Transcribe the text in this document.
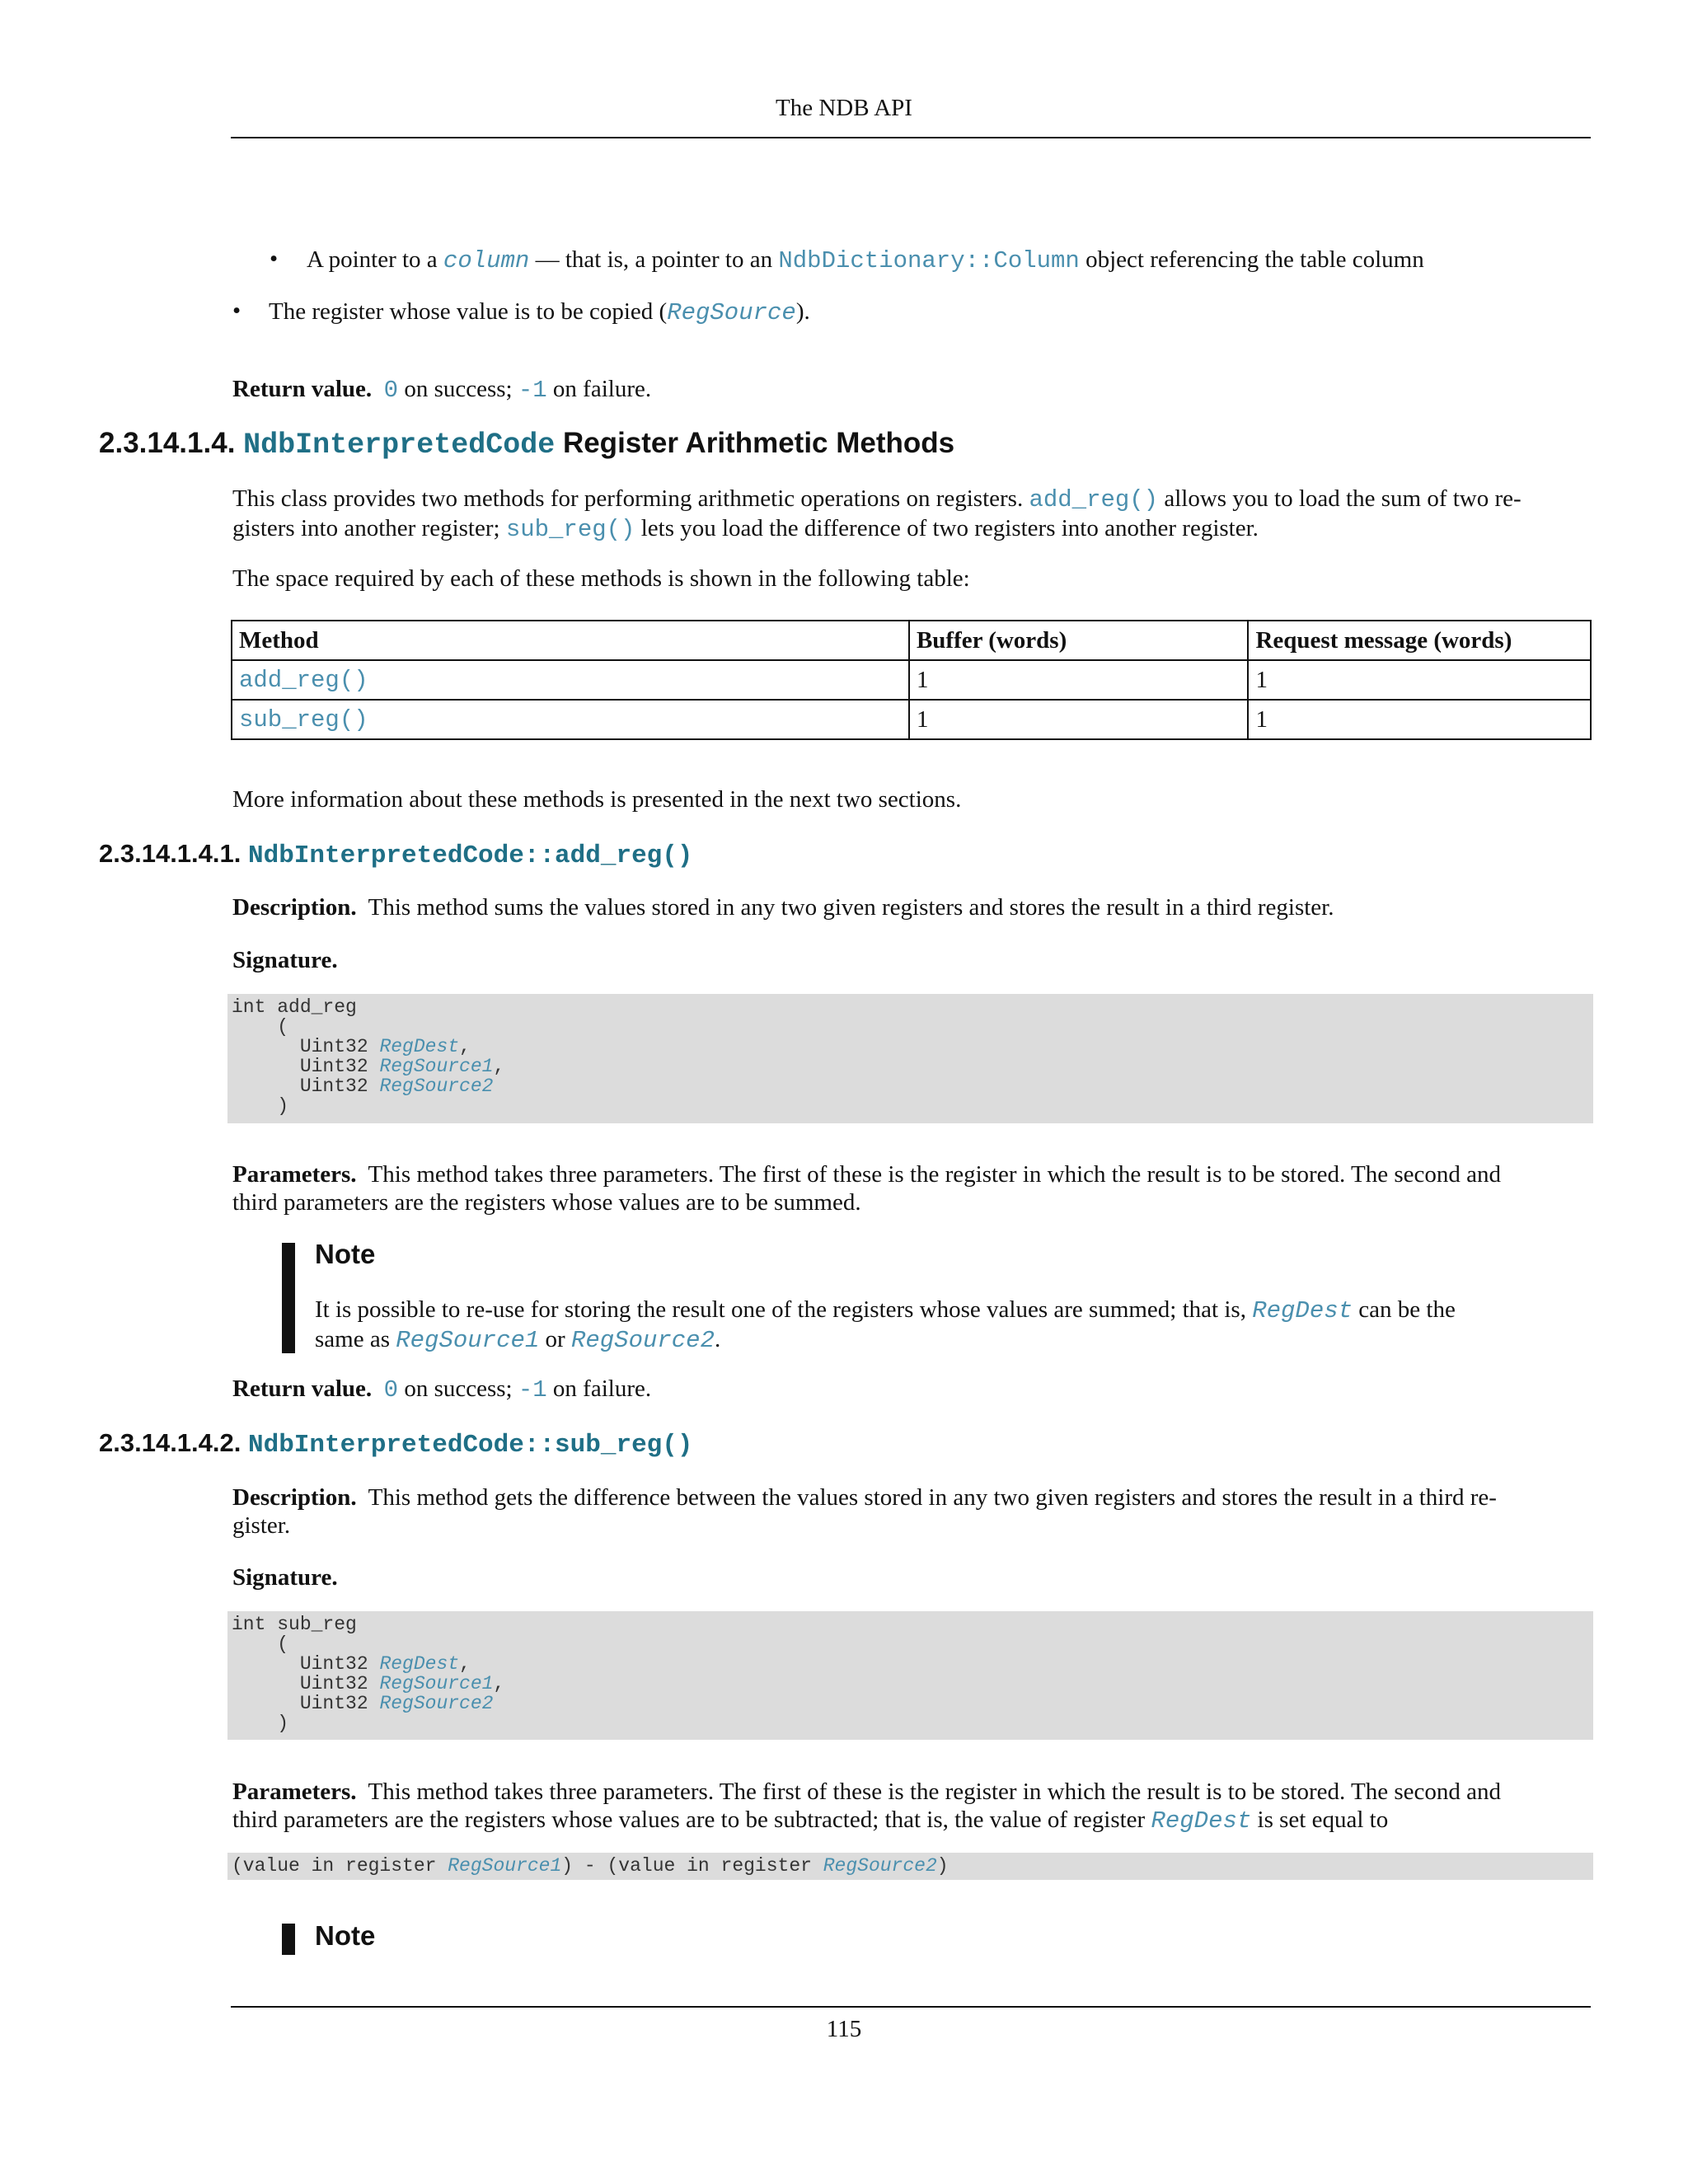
The NDB API
• A pointer to a column — that is, a pointer to an NdbDictionary::Column object referencing the table column
• The register whose value is to be copied (RegSource).
Return value. 0 on success; -1 on failure.
2.3.14.1.4. NdbInterpretedCode Register Arithmetic Methods
This class provides two methods for performing arithmetic operations on registers. add_reg() allows you to load the sum of two re-
gisters into another register; sub_reg() lets you load the difference of two registers into another register.
The space required by each of these methods is shown in the following table:
Method	Buffer (words)	Request message (words)
add_reg()	1	1
sub_reg()	1	1
More information about these methods is presented in the next two sections.
2.3.14.1.4.1. NdbInterpretedCode::add_reg()
Description. This method sums the values stored in any two given registers and stores the result in a third register.
Signature.
int add_reg
(
Uint32 RegDest,
Uint32 RegSource1,
Uint32 RegSource2
)
Parameters. This method takes three parameters. The first of these is the register in which the result is to be stored. The second and
third parameters are the registers whose values are to be summed.
Note
It is possible to re-use for storing the result one of the registers whose values are summed; that is, RegDest can be the
same as RegSource1 or RegSource2.
Return value. 0 on success; -1 on failure.
2.3.14.1.4.2. NdbInterpretedCode::sub_reg()
Description. This method gets the difference between the values stored in any two given registers and stores the result in a third re-
gister.
Signature.
int sub_reg
(
Uint32 RegDest,
Uint32 RegSource1,
Uint32 RegSource2
)
Parameters. This method takes three parameters. The first of these is the register in which the result is to be stored. The second and
third parameters are the registers whose values are to be subtracted; that is, the value of register RegDest is set equal to
(value in register RegSource1) - (value in register RegSource2)
Note
115
